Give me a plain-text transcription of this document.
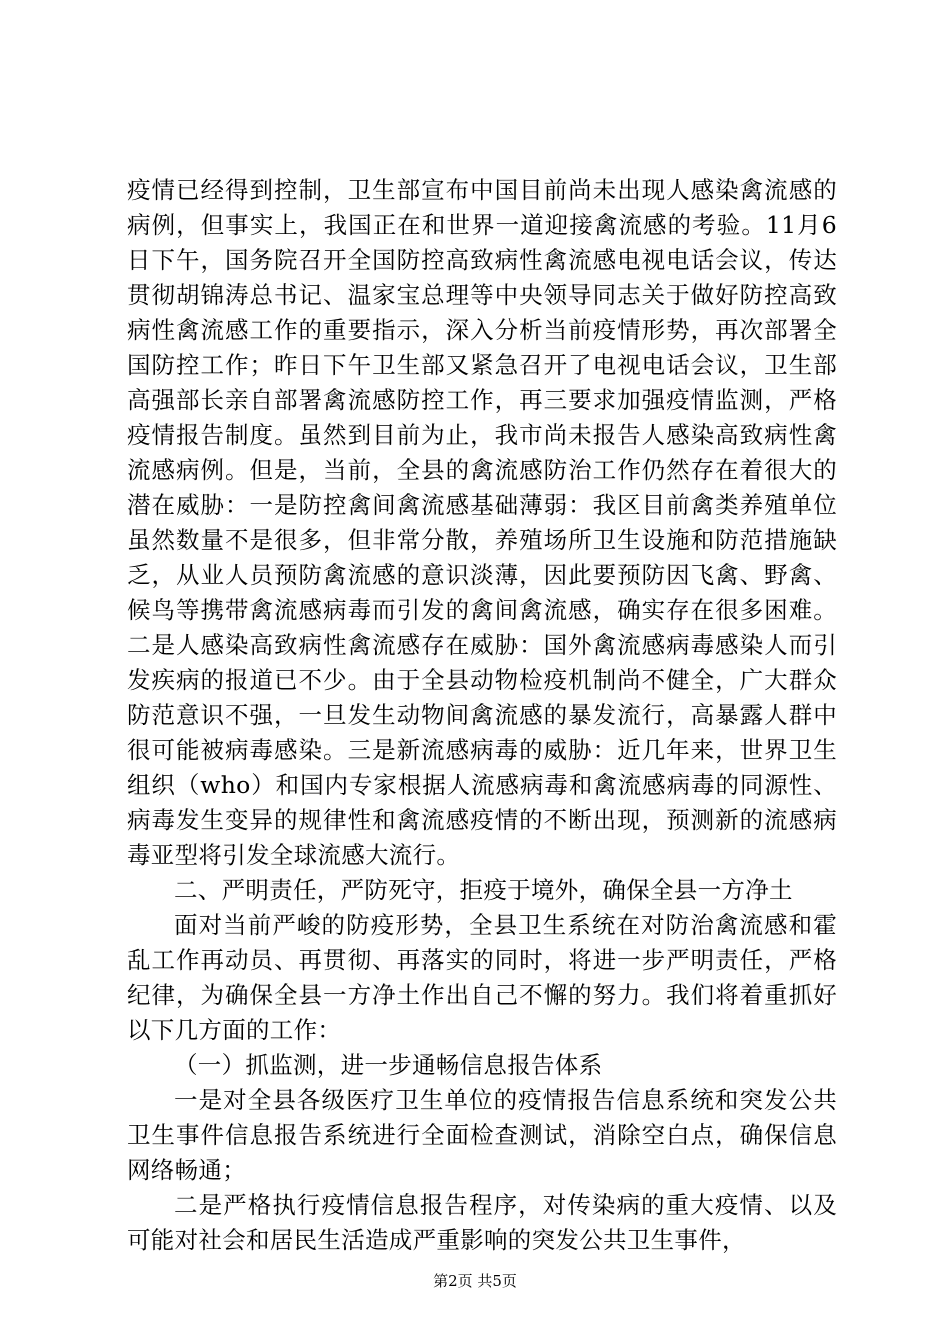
疫情已经得到控制，卫生部宣布中国目前尚未出现人感染禽流感的病例，但事实上，我国正在和世界一道迎接禽流感的考验。11月6日下午，国务院召开全国防控高致病性禽流感电视电话会议，传达贯彻胡锦涛总书记、温家宝总理等中央领导同志关于做好防控高致病性禽流感工作的重要指示，深入分析当前疫情形势，再次部署全国防控工作；昨日下午卫生部又紧急召开了电视电话会议，卫生部高强部长亲自部署禽流感防控工作，再三要求加强疫情监测，严格疫情报告制度。虽然到目前为止，我市尚未报告人感染高致病性禽流感病例。但是，当前，全县的禽流感防治工作仍然存在着很大的潜在威胁：一是防控禽间禽流感基础薄弱：我区目前禽类养殖单位虽然数量不是很多，但非常分散，养殖场所卫生设施和防范措施缺乏，从业人员预防禽流感的意识淡薄，因此要预防因飞禽、野禽、候鸟等携带禽流感病毒而引发的禽间禽流感，确实存在很多困难。二是人感染高致病性禽流感存在威胁：国外禽流感病毒感染人而引发疾病的报道已不少。由于全县动物检疫机制尚不健全，广大群众防范意识不强，一旦发生动物间禽流感的暴发流行，高暴露人群中很可能被病毒感染。三是新流感病毒的威胁：近几年来，世界卫生组织（who）和国内专家根据人流感病毒和禽流感病毒的同源性、病毒发生变异的规律性和禽流感疫情的不断出现，预测新的流感病毒亚型将引发全球流感大流行。

二、严明责任，严防死守，拒疫于境外，确保全县一方净土

面对当前严峻的防疫形势，全县卫生系统在对防治禽流感和霍乱工作再动员、再贯彻、再落实的同时，将进一步严明责任，严格纪律，为确保全县一方净土作出自己不懈的努力。我们将着重抓好以下几方面的工作：

（一）抓监测，进一步通畅信息报告体系

一是对全县各级医疗卫生单位的疫情报告信息系统和突发公共卫生事件信息报告系统进行全面检查测试，消除空白点，确保信息网络畅通；

二是严格执行疫情信息报告程序，对传染病的重大疫情、以及可能对社会和居民生活造成严重影响的突发公共卫生事件，

第2页 共5页
